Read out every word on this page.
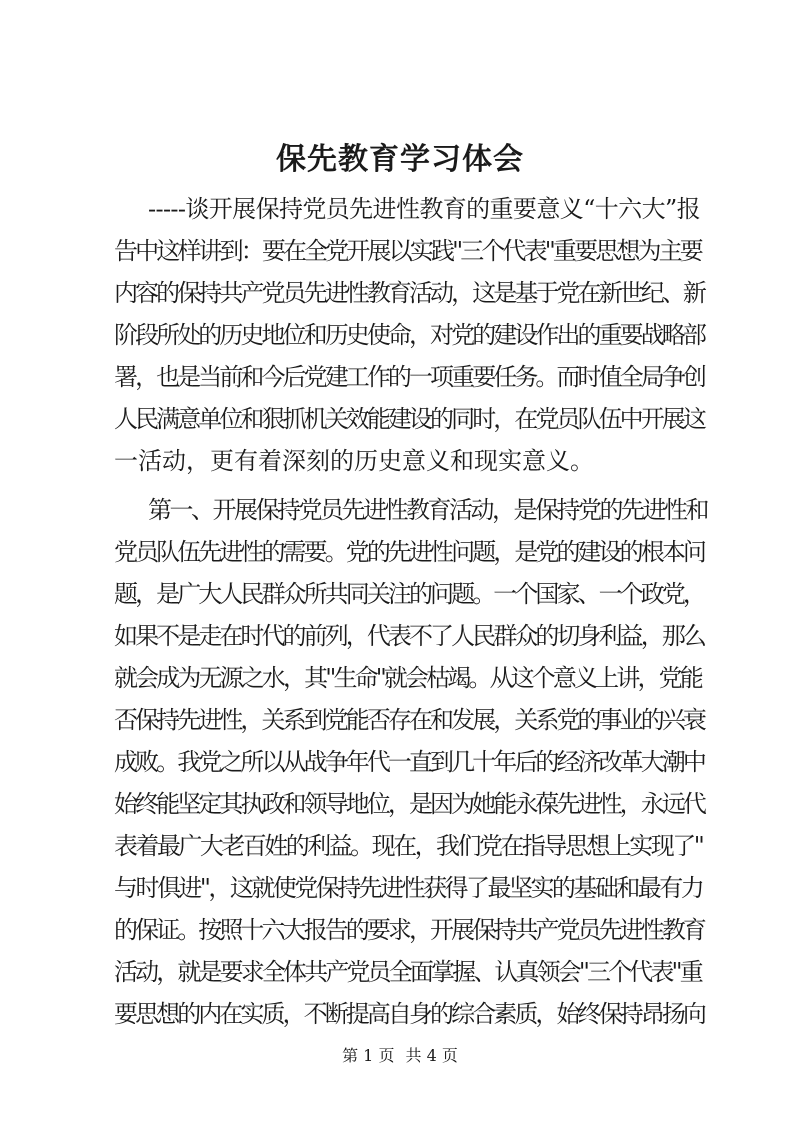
保先教育学习体会
-----谈开展保持党员先进性教育的重要意义“十六大”报
告中这样讲到：要在全党开展以实践"三个代表"重要思想为主要
内容的保持共产党员先进性教育活动，这是基于党在新世纪、新
阶段所处的历史地位和历史使命，对党的建设作出的重要战略部
署，也是当前和今后党建工作的一项重要任务。而时值全局争创
人民满意单位和狠抓机关效能建设的同时，在党员队伍中开展这
一活动，更有着深刻的历史意义和现实意义。
第一、开展保持党员先进性教育活动，是保持党的先进性和
党员队伍先进性的需要。党的先进性问题，是党的建设的根本问
题，是广大人民群众所共同关注的问题。一个国家、一个政党，
如果不是走在时代的前列，代表不了人民群众的切身利益，那么
就会成为无源之水，其"生命"就会枯竭。从这个意义上讲，党能
否保持先进性，关系到党能否存在和发展，关系党的事业的兴衰
成败。我党之所以从战争年代一直到几十年后的经济改革大潮中
始终能坚定其执政和领导地位，是因为她能永葆先进性，永远代
表着最广大老百姓的利益。现在，我们党在指导思想上实现了"
与时俱进"，这就使党保持先进性获得了最坚实的基础和最有力
的保证。按照十六大报告的要求，开展保持共产党员先进性教育
活动，就是要求全体共产党员全面掌握、认真领会"三个代表"重
要思想的内在实质，不断提高自身的综合素质，始终保持昂扬向
第 1 页 共 4 页
